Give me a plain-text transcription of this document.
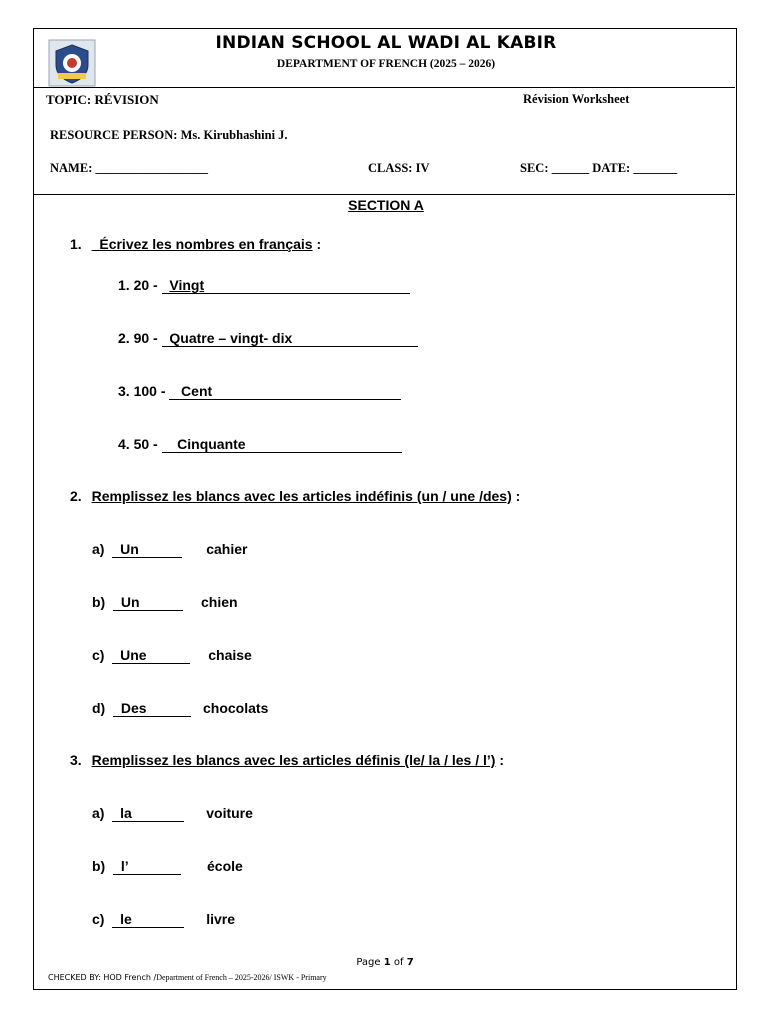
INDIAN SCHOOL AL WADI AL KABIR
DEPARTMENT OF FRENCH (2025 – 2026)
TOPIC: RÉVISION	Révision Worksheet
RESOURCE PERSON: Ms. Kirubhashini J.
NAME: __________________	CLASS: IV	SEC: ______ DATE: _______
SECTION A
1. Écrivez les nombres en français :
1. 20 -   Vingt
2. 90 -   Quatre – vingt- dix
3. 100 -    Cent
4. 50 -     Cinquante
2. Remplissez les blancs avec les articles indéfinis (un / une /des) :
a) Un	cahier
b) Un	chien
c) Une	chaise
d) Des	chocolats
3. Remplissez les blancs avec les articles définis (le/ la / les / l’) :
a) la	voiture
b) l’	école
c) le	livre
Page 1 of 7
CHECKED BY: HOD French /Department of French – 2025-2026/ ISWK - Primary
